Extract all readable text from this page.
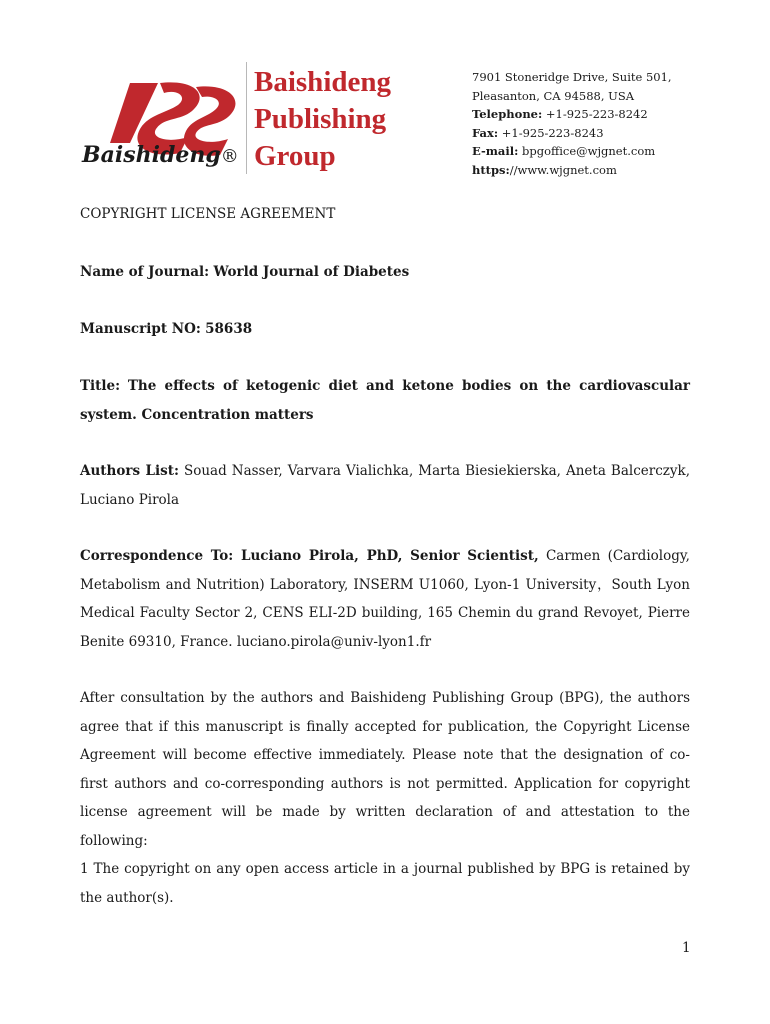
Baishideng®
Baishideng
Publishing
Group
7901 Stoneridge Drive, Suite 501,
Pleasanton, CA 94588, USA
Telephone: +1-925-223-8242
Fax: +1-925-223-8243
E-mail: bpgoffice@wjgnet.com
https://www.wjgnet.com
COPYRIGHT LICENSE AGREEMENT
Name of Journal: World Journal of Diabetes
Manuscript NO: 58638
Title: The effects of ketogenic diet and ketone bodies on the cardiovascular system. Concentration matters
Authors List: Souad Nasser, Varvara Vialichka, Marta Biesiekierska, Aneta Balcerczyk, Luciano Pirola
Correspondence To: Luciano Pirola, PhD, Senior Scientist, Carmen (Cardiology, Metabolism and Nutrition) Laboratory, INSERM U1060, Lyon-1 University，South Lyon Medical Faculty Sector 2, CENS ELI-2D building, 165 Chemin du grand Revoyet, Pierre Benite 69310, France. luciano.pirola@univ-lyon1.fr
After consultation by the authors and Baishideng Publishing Group (BPG), the authors agree that if this manuscript is finally accepted for publication, the Copyright License Agreement will become effective immediately. Please note that the designation of co-first authors and co-corresponding authors is not permitted. Application for copyright license agreement will be made by written declaration of and attestation to the following:
1 The copyright on any open access article in a journal published by BPG is retained by the author(s).
1
